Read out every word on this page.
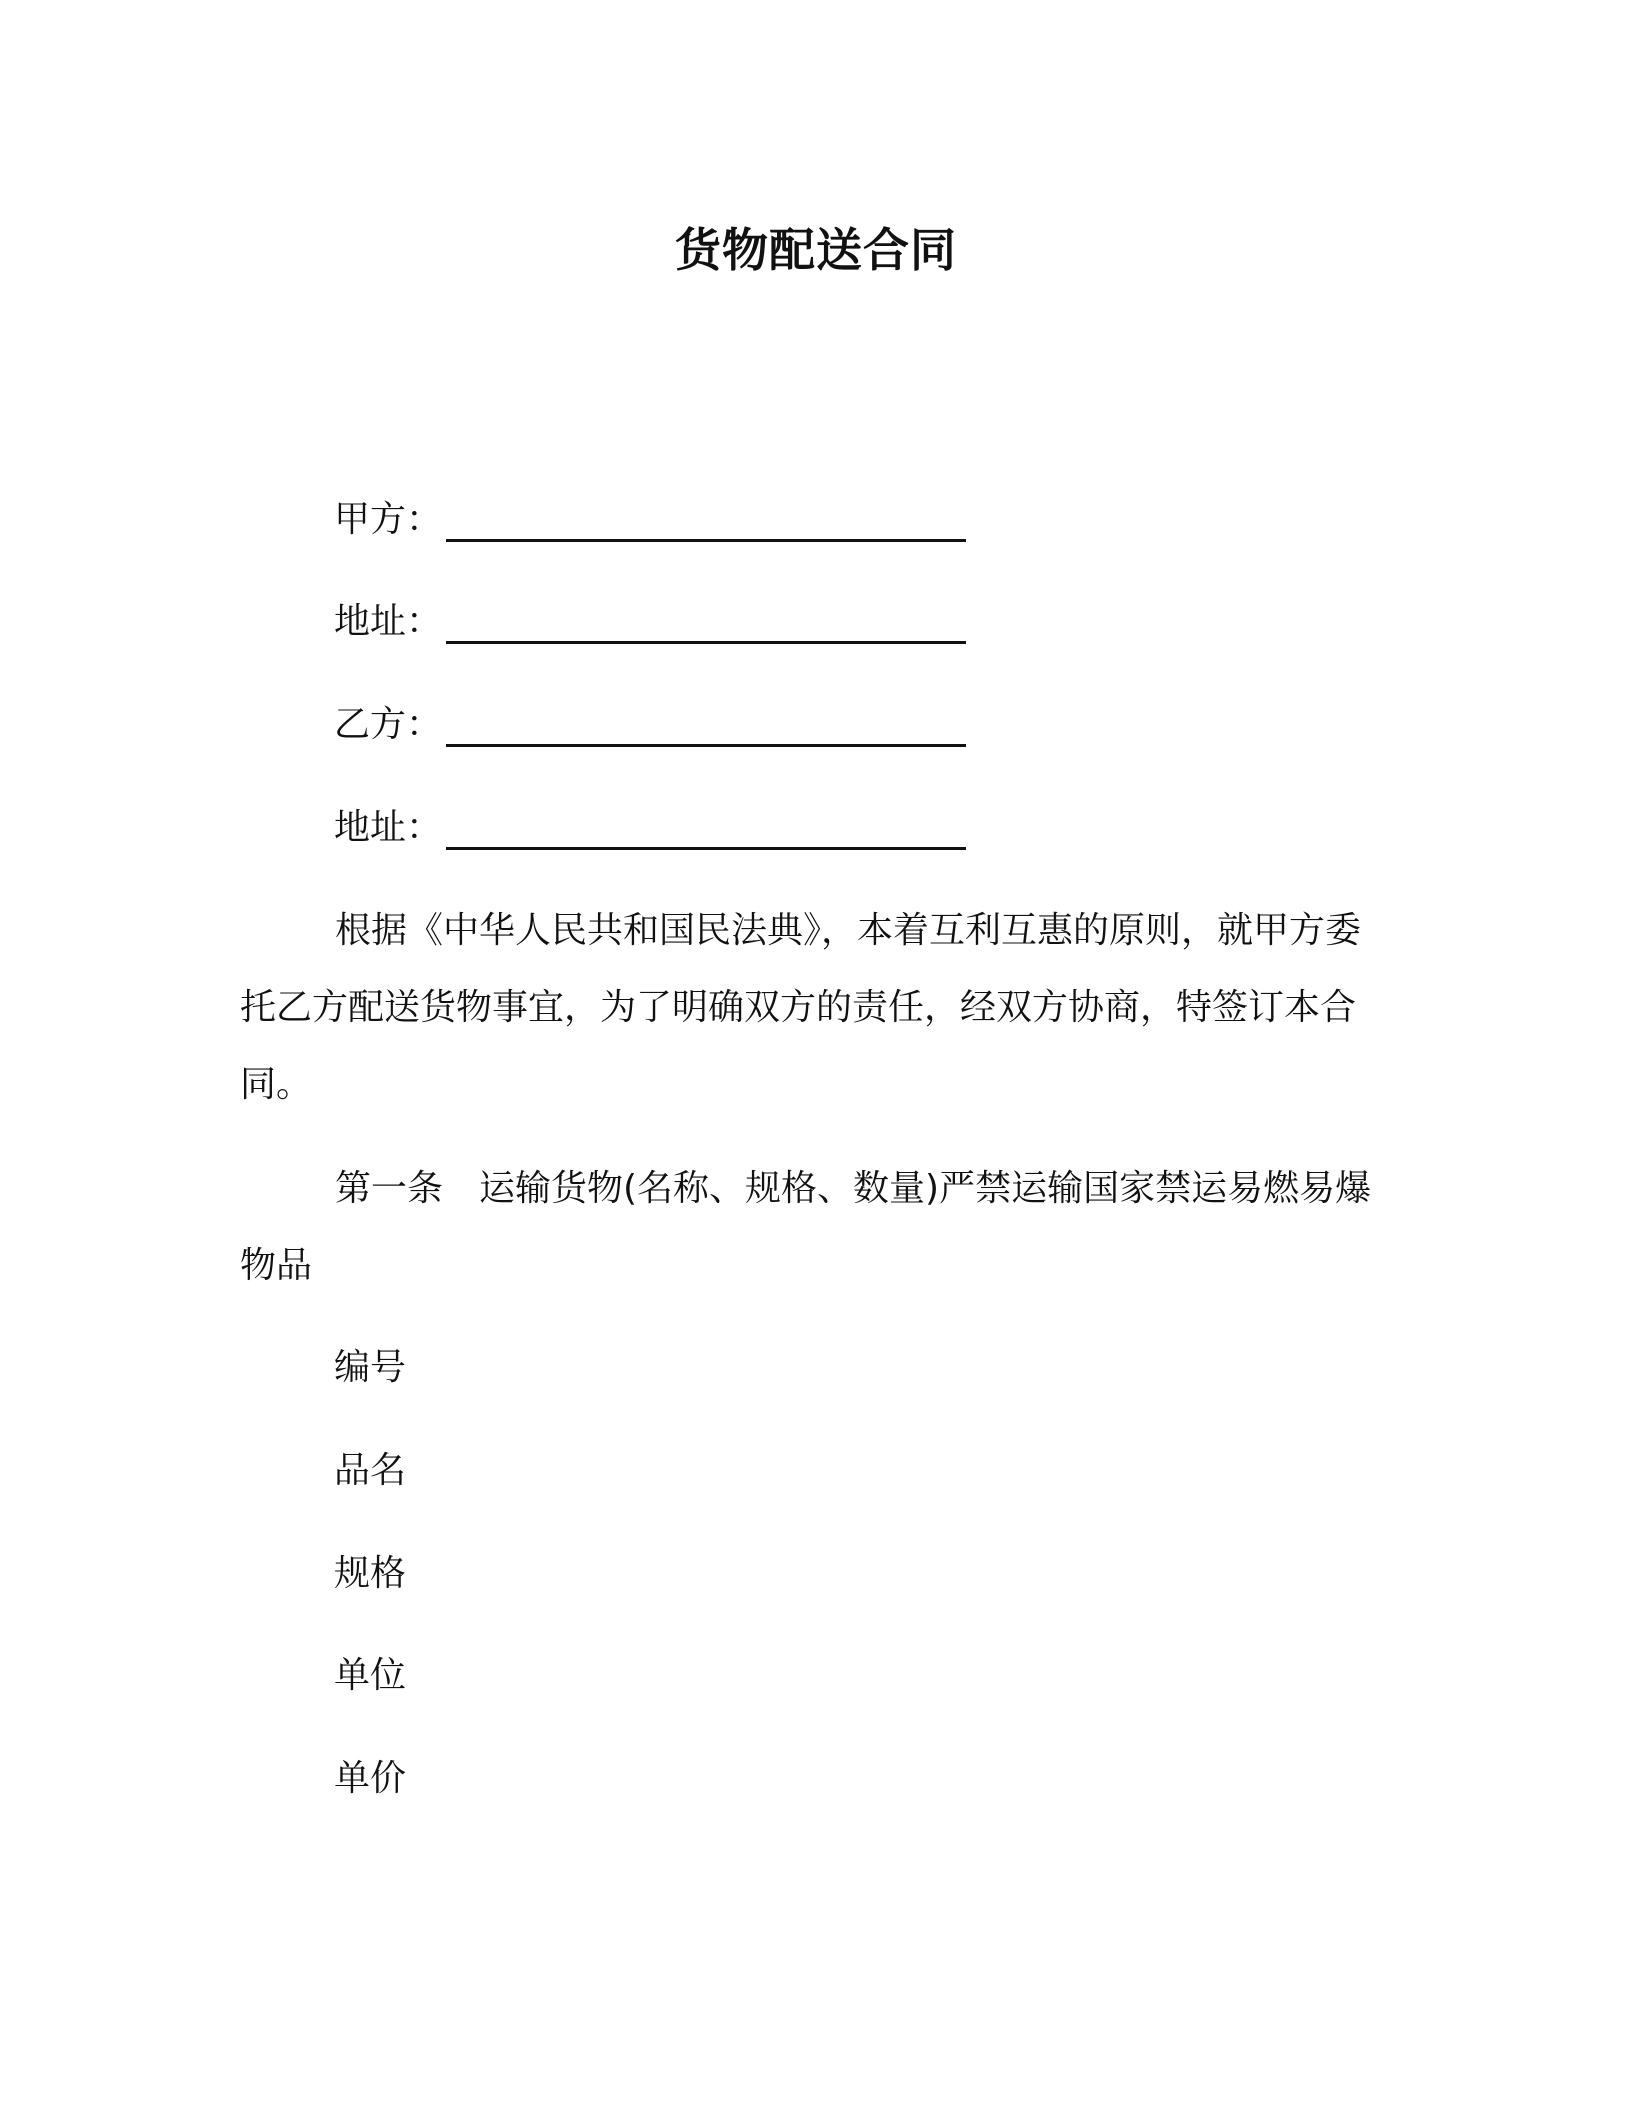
货物配送合同
甲方：
地址：
乙方：
地址：
根据《中华人民共和国民法典》，本着互利互惠的原则，就甲方委托乙方配送货物事宜，为了明确双方的责任，经双方协商，特签订本合同。
第一条　运输货物(名称、规格、数量)严禁运输国家禁运易燃易爆物品
编号
品名
规格
单位
单价
